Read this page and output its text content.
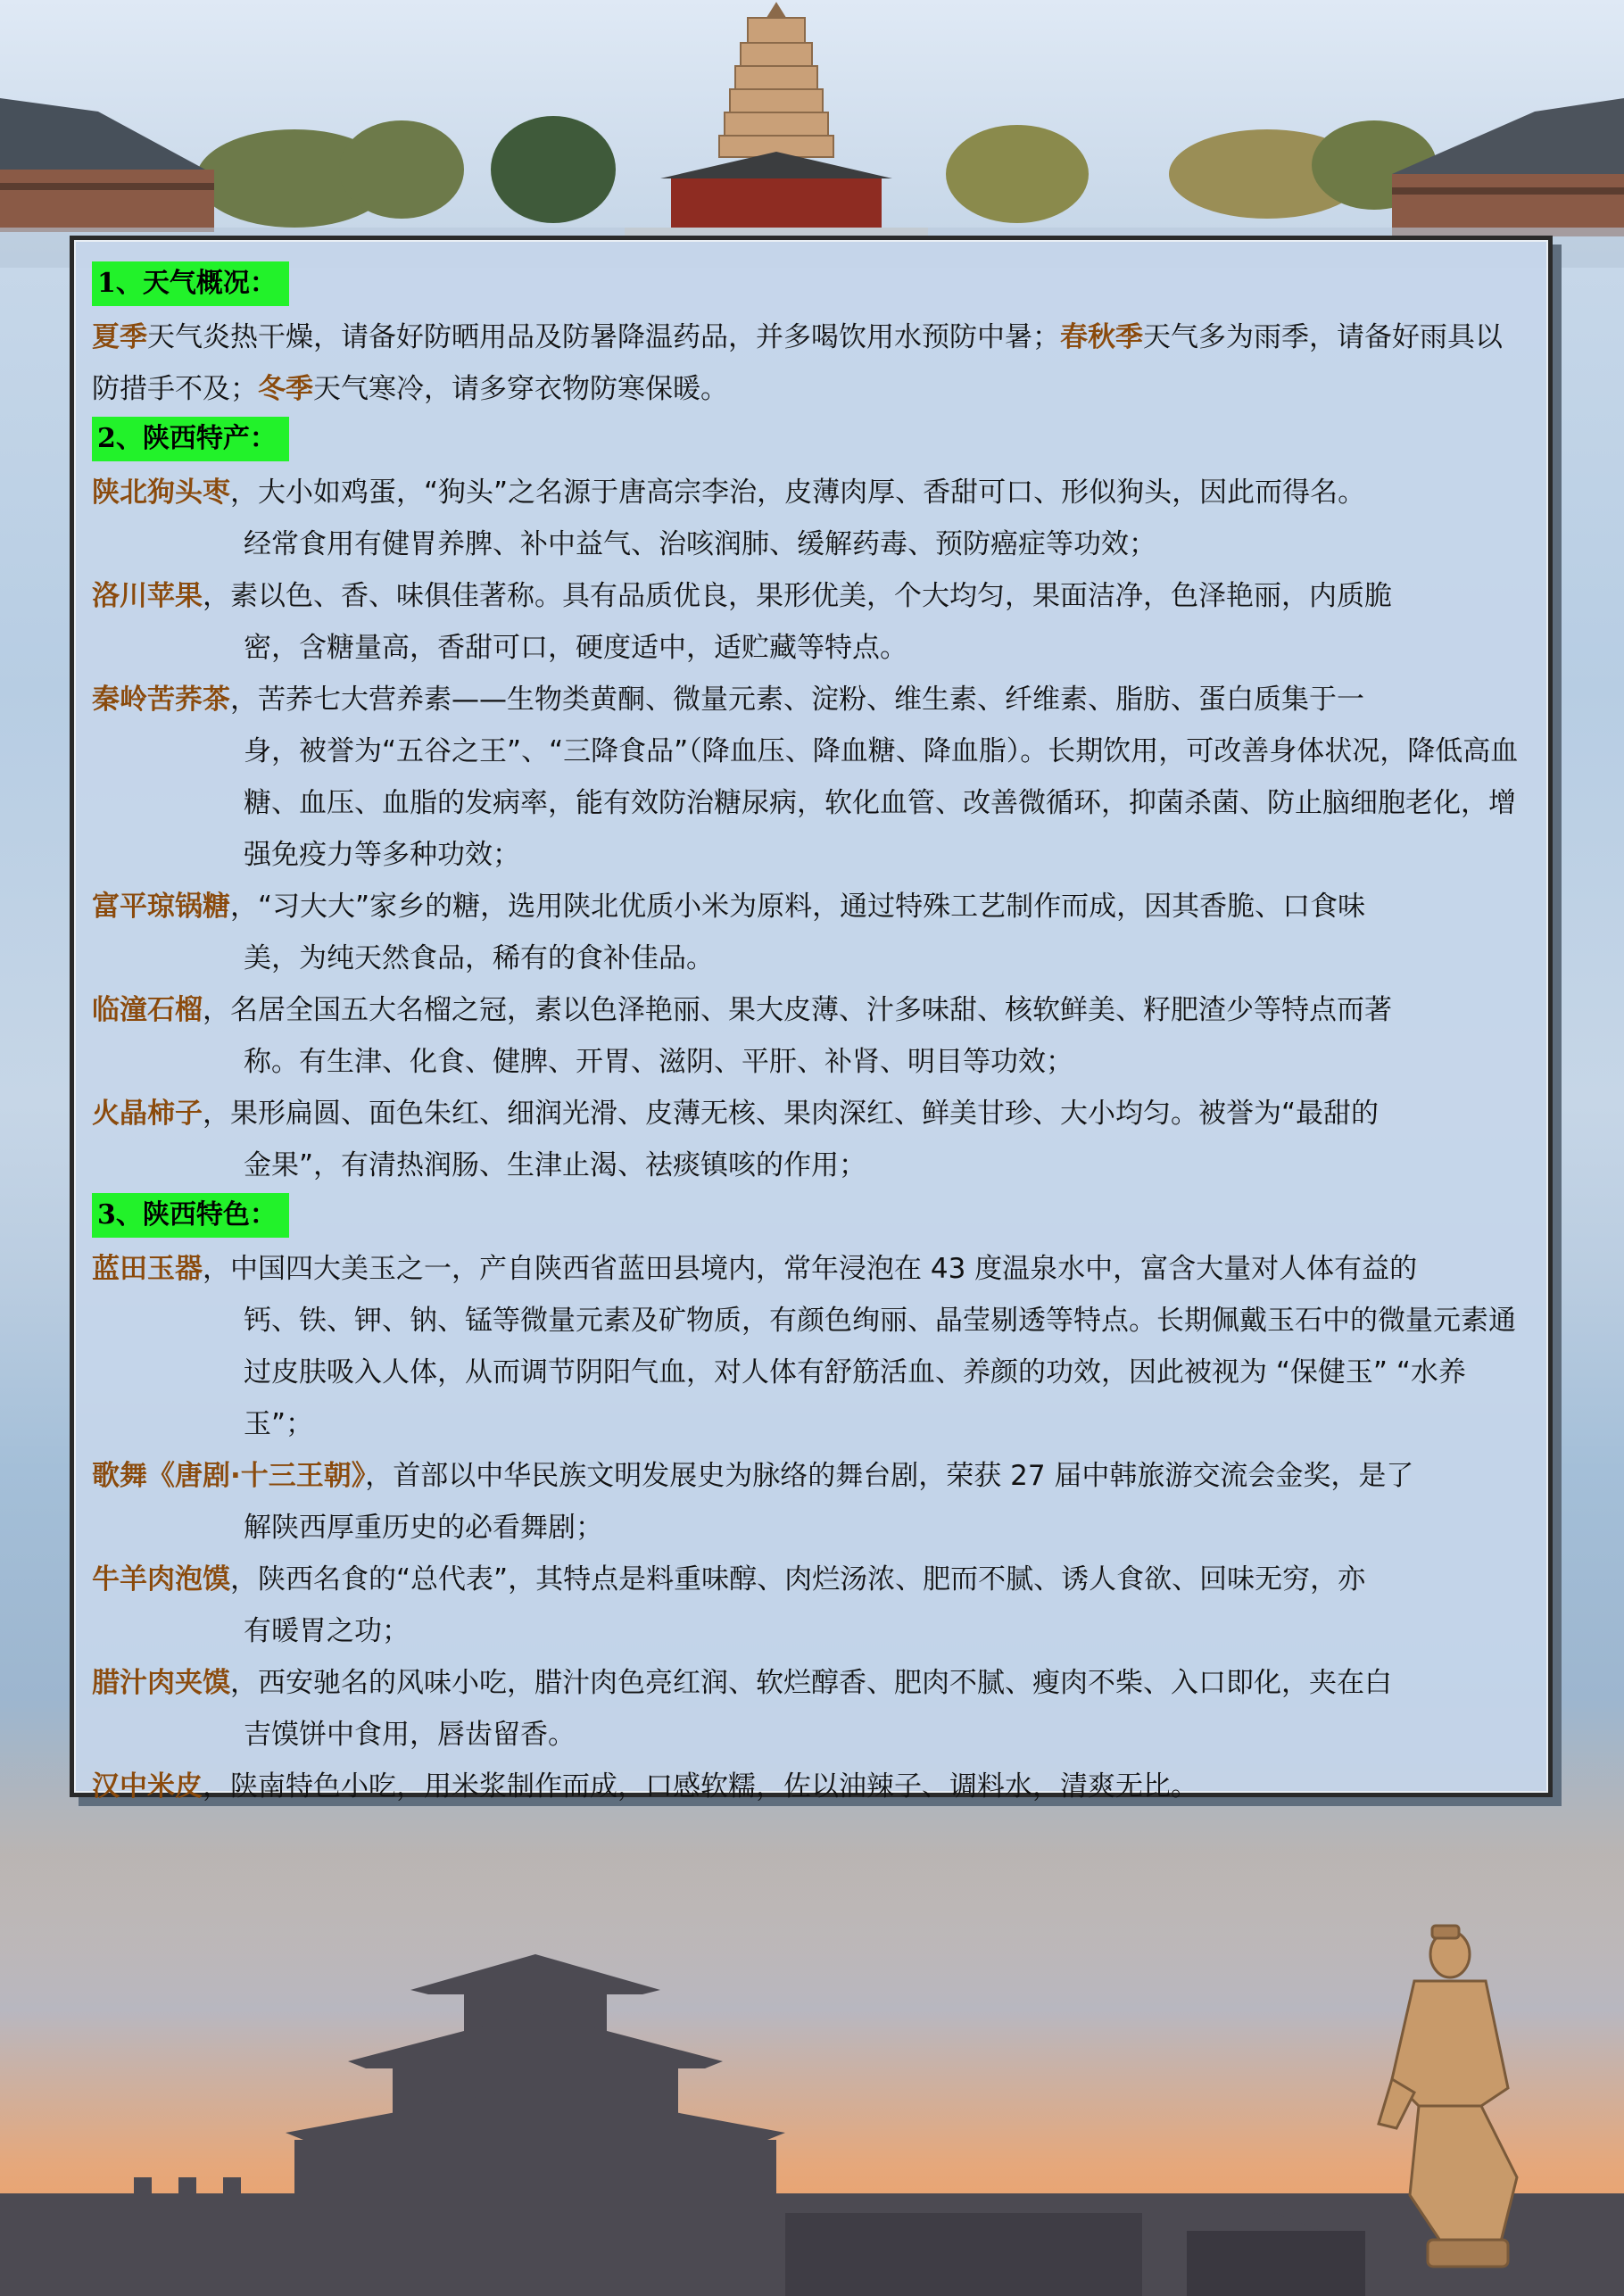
1、天气概况：
夏季天气炎热干燥，请备好防晒用品及防暑降温药品，并多喝饮用水预防中暑；春秋季天气多为雨季，请备好雨具以防措手不及；冬季天气寒冷，请多穿衣物防寒保暖。
2、陕西特产：
陕北狗头枣，大小如鸡蛋，“狗头”之名源于唐高宗李治，皮薄肉厚、香甜可口、形似狗头，因此而得名。
经常食用有健胃养脾、补中益气、治咳润肺、缓解药毒、预防癌症等功效；
洛川苹果，素以色、香、味俱佳著称。具有品质优良，果形优美，个大均匀，果面洁净，色泽艳丽，内质脆
密，含糖量高，香甜可口，硬度适中，适贮藏等特点。
秦岭苦荞茶，苦荞七大营养素——生物类黄酮、微量元素、淀粉、维生素、纤维素、脂肪、蛋白质集于一
身，被誉为“五谷之王”、“三降食品”（降血压、降血糖、降血脂）。长期饮用，可改善身体状况，降低高血糖、血压、血脂的发病率，能有效防治糖尿病，软化血管、改善微循环，抑菌杀菌、防止脑细胞老化，增强免疫力等多种功效；
富平琼锅糖，“习大大”家乡的糖，选用陕北优质小米为原料，通过特殊工艺制作而成，因其香脆、口食味
美，为纯天然食品，稀有的食补佳品。
临潼石榴，名居全国五大名榴之冠，素以色泽艳丽、果大皮薄、汁多味甜、核软鲜美、籽肥渣少等特点而著
称。有生津、化食、健脾、开胃、滋阴、平肝、补肾、明目等功效；
火晶柿子，果形扁圆、面色朱红、细润光滑、皮薄无核、果肉深红、鲜美甘珍、大小均匀。被誉为“最甜的
金果”，有清热润肠、生津止渴、祛痰镇咳的作用；
3、陕西特色：
蓝田玉器，中国四大美玉之一，产自陕西省蓝田县境内，常年浸泡在 43 度温泉水中，富含大量对人体有益的
钙、铁、钾、钠、锰等微量元素及矿物质，有颜色绚丽、晶莹剔透等特点。长期佩戴玉石中的微量元素通过皮肤吸入人体，从而调节阴阳气血，对人体有舒筋活血、养颜的功效，因此被视为 “保健玉” “水养玉”；
歌舞《唐剧·十三王朝》，首部以中华民族文明发展史为脉络的舞台剧，荣获 27 届中韩旅游交流会金奖，是了
解陕西厚重历史的必看舞剧；
牛羊肉泡馍，陕西名食的“总代表”，其特点是料重味醇、肉烂汤浓、肥而不腻、诱人食欲、回味无穷，亦
有暖胃之功；
腊汁肉夹馍，西安驰名的风味小吃，腊汁肉色亮红润、软烂醇香、肥肉不腻、瘦肉不柴、入口即化，夹在白
吉馍饼中食用，唇齿留香。
汉中米皮，陕南特色小吃，用米浆制作而成，口感软糯，佐以油辣子、调料水，清爽无比。
